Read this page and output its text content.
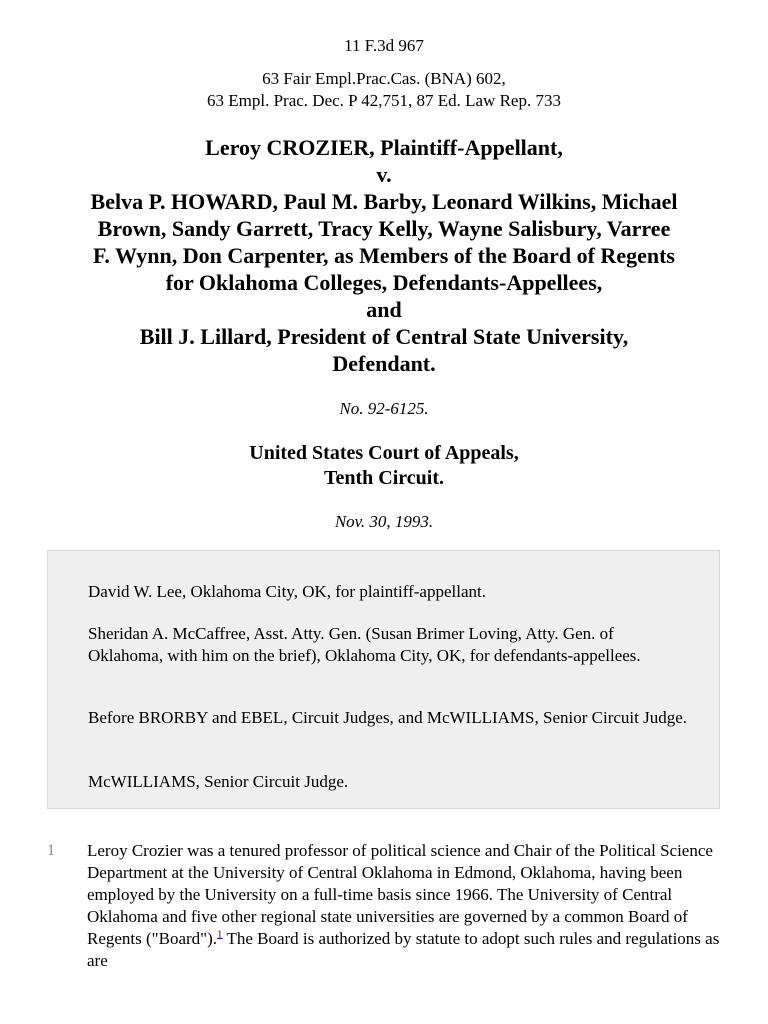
11 F.3d 967
63 Fair Empl.Prac.Cas. (BNA) 602,
63 Empl. Prac. Dec. P 42,751, 87 Ed. Law Rep. 733
Leroy CROZIER, Plaintiff-Appellant,
v.
Belva P. HOWARD, Paul M. Barby, Leonard Wilkins, Michael
Brown, Sandy Garrett, Tracy Kelly, Wayne Salisbury, Varree
F. Wynn, Don Carpenter, as Members of the Board of Regents
for Oklahoma Colleges, Defendants-Appellees,
and
Bill J. Lillard, President of Central State University,
Defendant.
No. 92-6125.
United States Court of Appeals,
Tenth Circuit.
Nov. 30, 1993.
David W. Lee, Oklahoma City, OK, for plaintiff-appellant.
Sheridan A. McCaffree, Asst. Atty. Gen. (Susan Brimer Loving, Atty. Gen. of Oklahoma, with him on the brief), Oklahoma City, OK, for defendants-appellees.
Before BRORBY and EBEL, Circuit Judges, and McWILLIAMS, Senior Circuit Judge.
McWILLIAMS, Senior Circuit Judge.
1 Leroy Crozier was a tenured professor of political science and Chair of the Political Science Department at the University of Central Oklahoma in Edmond, Oklahoma, having been employed by the University on a full-time basis since 1966. The University of Central Oklahoma and five other regional state universities are governed by a common Board of Regents ("Board").$^1$ The Board is authorized by statute to adopt such rules and regulations as are
